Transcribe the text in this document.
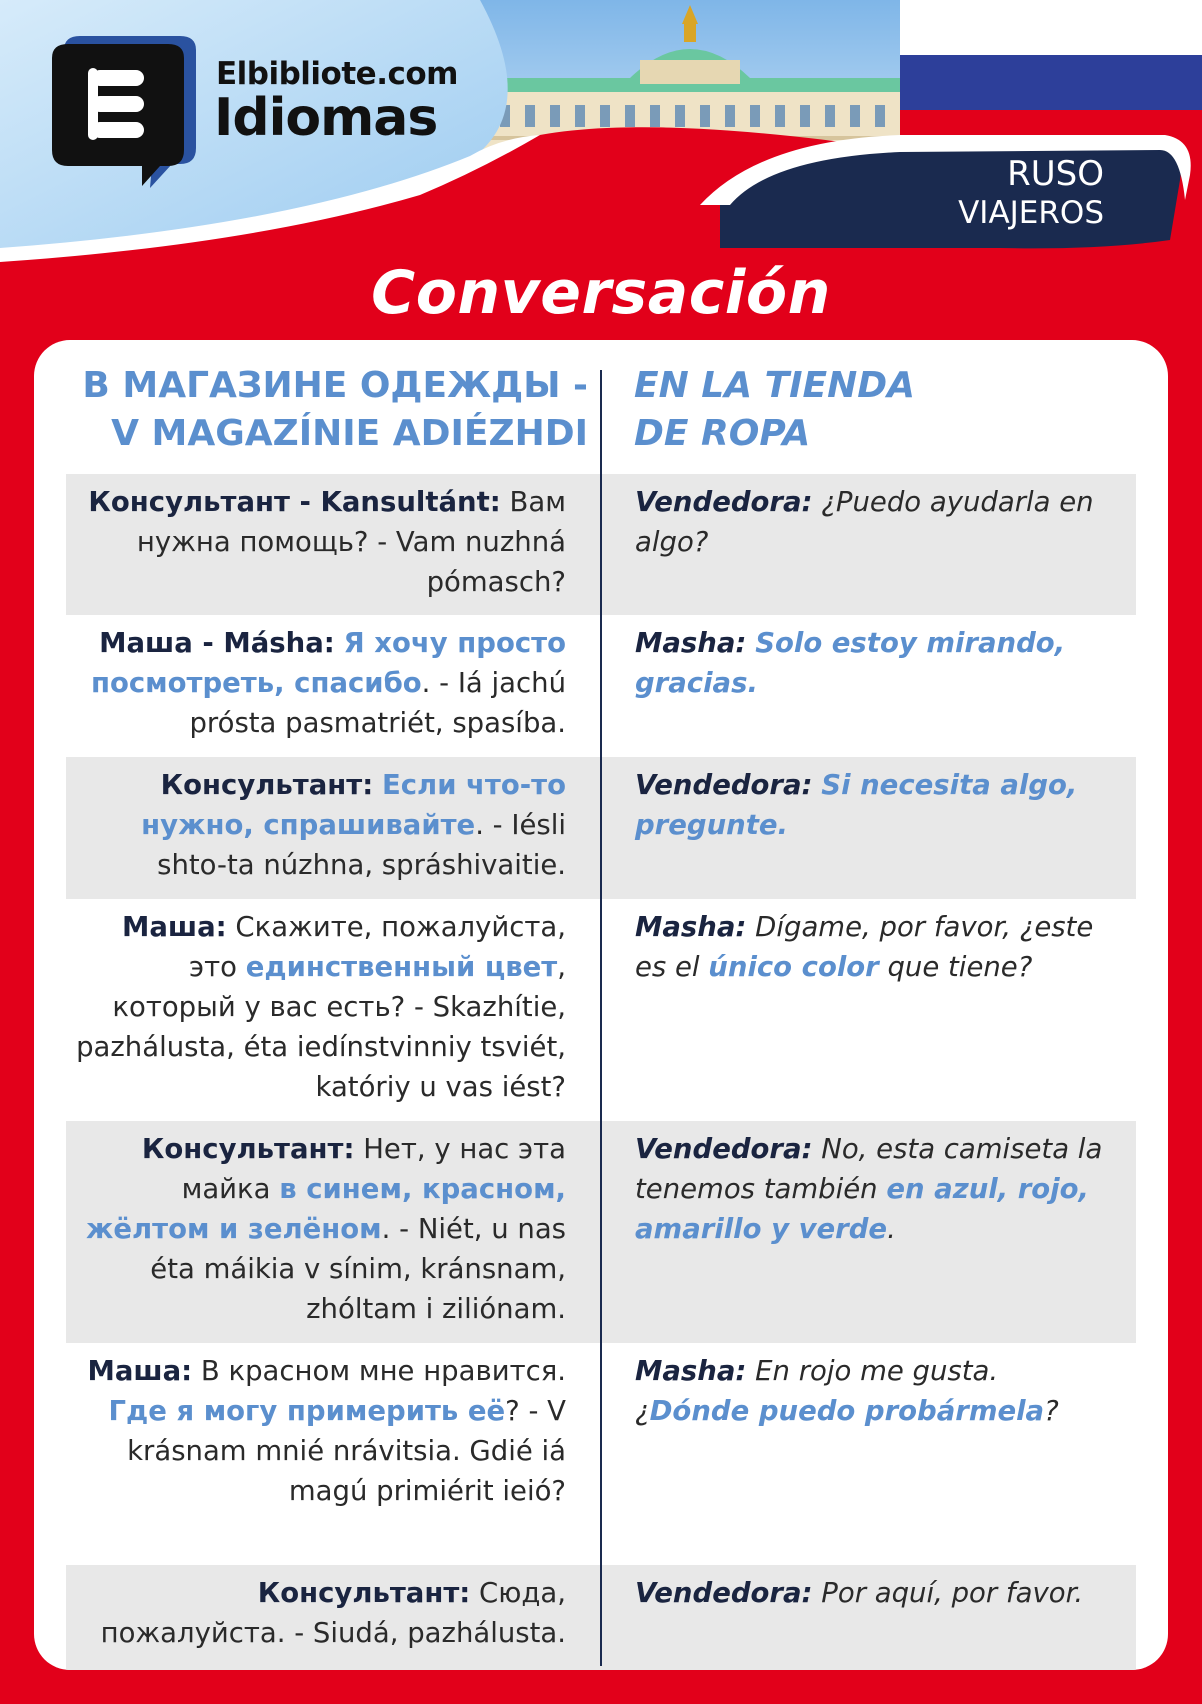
Elbibliote.com
Idiomas
RUSO
VIAJEROS
Conversación
В МАГАЗИНЕ ОДЕЖДЫ -
V MAGAZÍNIE ADIÉZHDI
EN LA TIENDA
DE ROPA
Консультант - Kansultánt: Вам нужна помощь? - Vam nuzhná pómasch?
Vendedora: ¿Puedo ayudarla en algo?
Маша - Másha: Я хочу просто посмотреть, спасибо. - Iá jachú prósta pasmatriét, spasíba.
Masha: Solo estoy mirando, gracias.
Консультант: Если что-то нужно, спрашивайте. - Iésli shto-ta núzhna, spráshivaitie.
Vendedora: Si necesita algo, pregunte.
Маша: Скажите, пожалуйста, это единственный цвет, который у вас есть? - Skazhítie, pazhálusta, éta iedínstvinniy tsviét, katóriy u vas iést?
Masha: Dígame, por favor, ¿este es el único color que tiene?
Консультант: Нет, у нас эта майка в синем, красном, жёлтом и зелёном. - Niét, u nas éta máikia v sínim, kránsnam, zhóltam i ziliónam.
Vendedora: No, esta camiseta la tenemos también en azul, rojo, amarillo y verde.
Маша: В красном мне нравится. Где я могу примерить её? - V krásnam mnié nrávitsia. Gdié iá magú primiérit ieió?
Masha: En rojo me gusta. ¿Dónde puedo probármela?
Консультант: Сюда, пожалуйста. - Siudá, pazhálusta.
Vendedora: Por aquí, por favor.
